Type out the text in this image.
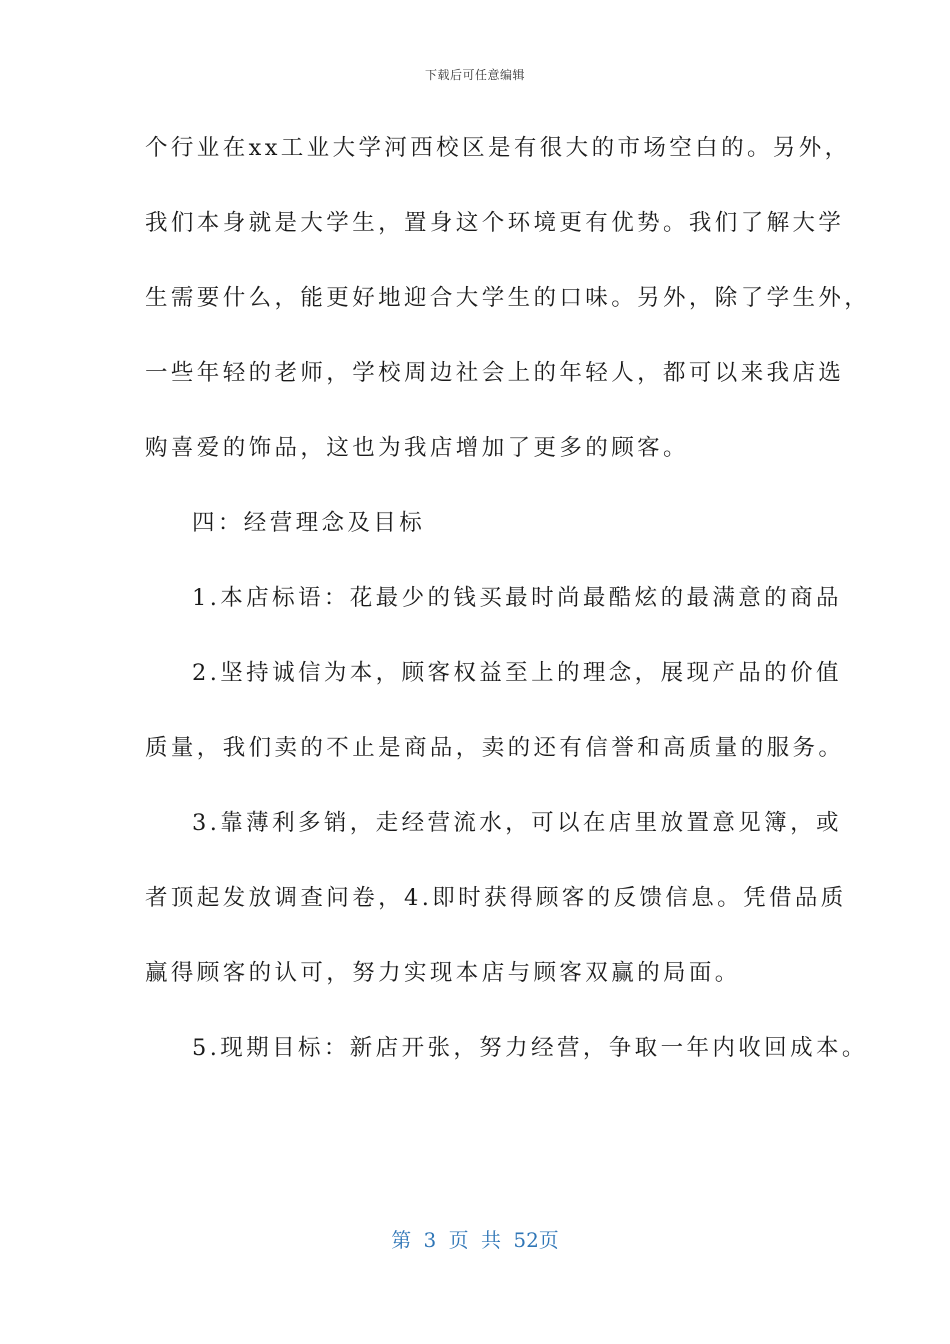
下载后可任意编辑
个行业在xx工业大学河西校区是有很大的市场空白的。另外，
我们本身就是大学生，置身这个环境更有优势。我们了解大学
生需要什么，能更好地迎合大学生的口味。另外，除了学生外，
一些年轻的老师，学校周边社会上的年轻人，都可以来我店选
购喜爱的饰品，这也为我店增加了更多的顾客。
四：经营理念及目标
1.本店标语：花最少的钱买最时尚最酷炫的最满意的商品
2.坚持诚信为本，顾客权益至上的理念，展现产品的价值
质量，我们卖的不止是商品，卖的还有信誉和高质量的服务。
3.靠薄利多销，走经营流水，可以在店里放置意见簿，或
者顶起发放调查问卷，4.即时获得顾客的反馈信息。凭借品质
赢得顾客的认可，努力实现本店与顾客双赢的局面。
5.现期目标：新店开张，努力经营，争取一年内收回成本。
第 3 页 共 52页
